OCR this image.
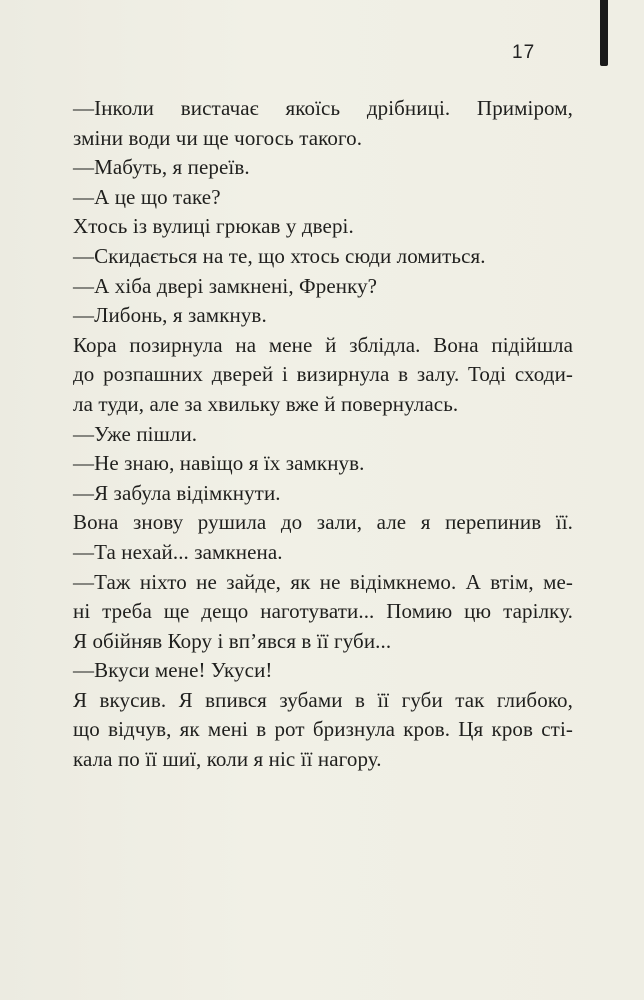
17
—Інколи вистачає якоїсь дрібниці. Приміром,
зміни води чи ще чогось такого.
—Мабуть, я переїв.
—А це що таке?
Хтось із вулиці грюкав у двері.
—Скидається на те, що хтось сюди ломиться.
—А хіба двері замкнені, Френку?
—Либонь, я замкнув.
Кора позирнула на мене й зблідла. Вона підійшла
до розпашних дверей і визирнула в залу. Тоді сходи-
ла туди, але за хвильку вже й повернулась.
—Уже пішли.
—Не знаю, навіщо я їх замкнув.
—Я забула відімкнути.
Вона знову рушила до зали, але я перепинив її.
—Та нехай... замкнена.
—Таж ніхто не зайде, як не відімкнемо. А втім, ме-
ні треба ще дещо наготувати... Помию цю тарілку.
Я обійняв Кору і вп’явся в її губи...
—Вкуси мене! Укуси!
Я вкусив. Я впився зубами в її губи так глибоко,
що відчув, як мені в рот бризнула кров. Ця кров сті-
кала по її шиї, коли я ніс її нагору.
